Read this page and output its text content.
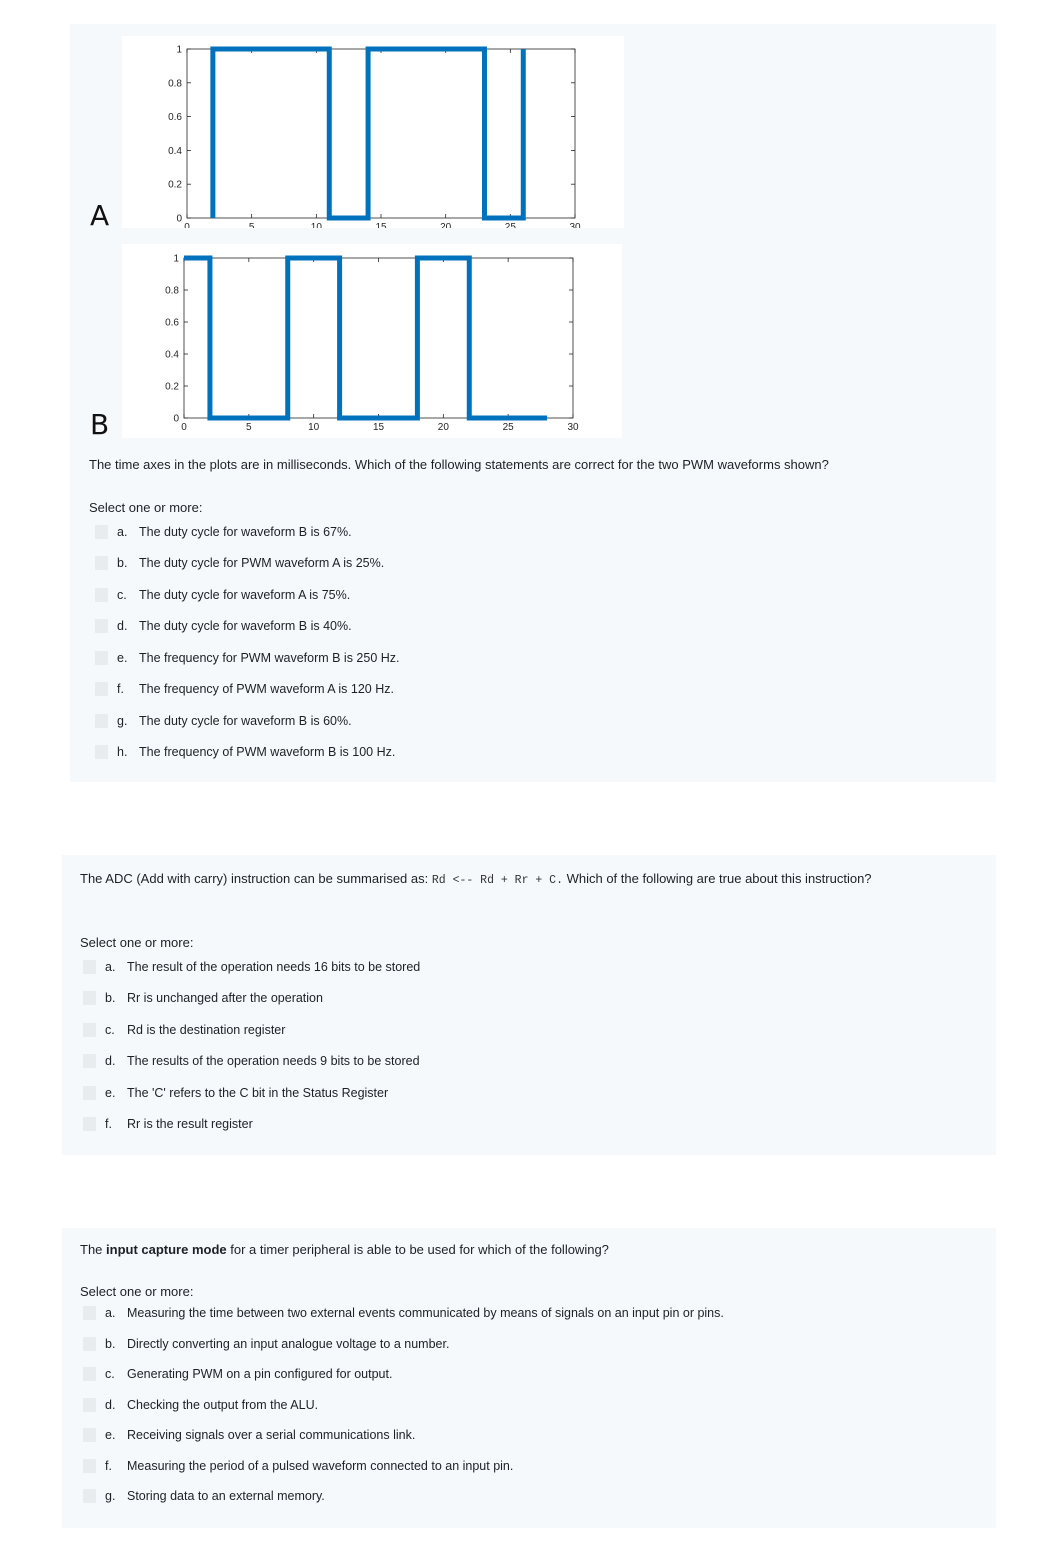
0	5	10	15	20	25	30
0
0.2
0.4
0.6
0.8
1
A
0	5	10	15	20	25	30
0
0.2
0.4
0.6
0.8
1
B
The time axes in the plots are in milliseconds. Which of the following statements are correct for the two PWM waveforms shown?
Select one or more:
a. The duty cycle for waveform B is 67%.
b. The duty cycle for PWM waveform A is 25%.
c. The duty cycle for waveform A is 75%.
d. The duty cycle for waveform B is 40%.
e. The frequency for PWM waveform B is 250 Hz.
f.	The frequency of PWM waveform A is 120 Hz.
g. The duty cycle for waveform B is 60%.
h. The frequency of PWM waveform B is 100 Hz.
The ADC (Add with carry) instruction can be summarised as: Rd <-- Rd + Rr + C. Which of the following are true about this instruction?
Select one or more:
a. The result of the operation needs 16 bits to be stored
b. Rr is unchanged after the operation
c. Rd is the destination register
d. The results of the operation needs 9 bits to be stored
e. The 'C' refers to the C bit in the Status Register
f.	Rr is the result register
The input capture mode for a timer peripheral is able to be used for which of the following?
Select one or more:
a. Measuring the time between two external events communicated by means of signals on an input pin or pins.
b. Directly converting an input analogue voltage to a number.
c. Generating PWM on a pin configured for output.
d. Checking the output from the ALU.
e. Receiving signals over a serial communications link.
f.	Measuring the period of a pulsed waveform connected to an input pin.
g. Storing data to an external memory.
